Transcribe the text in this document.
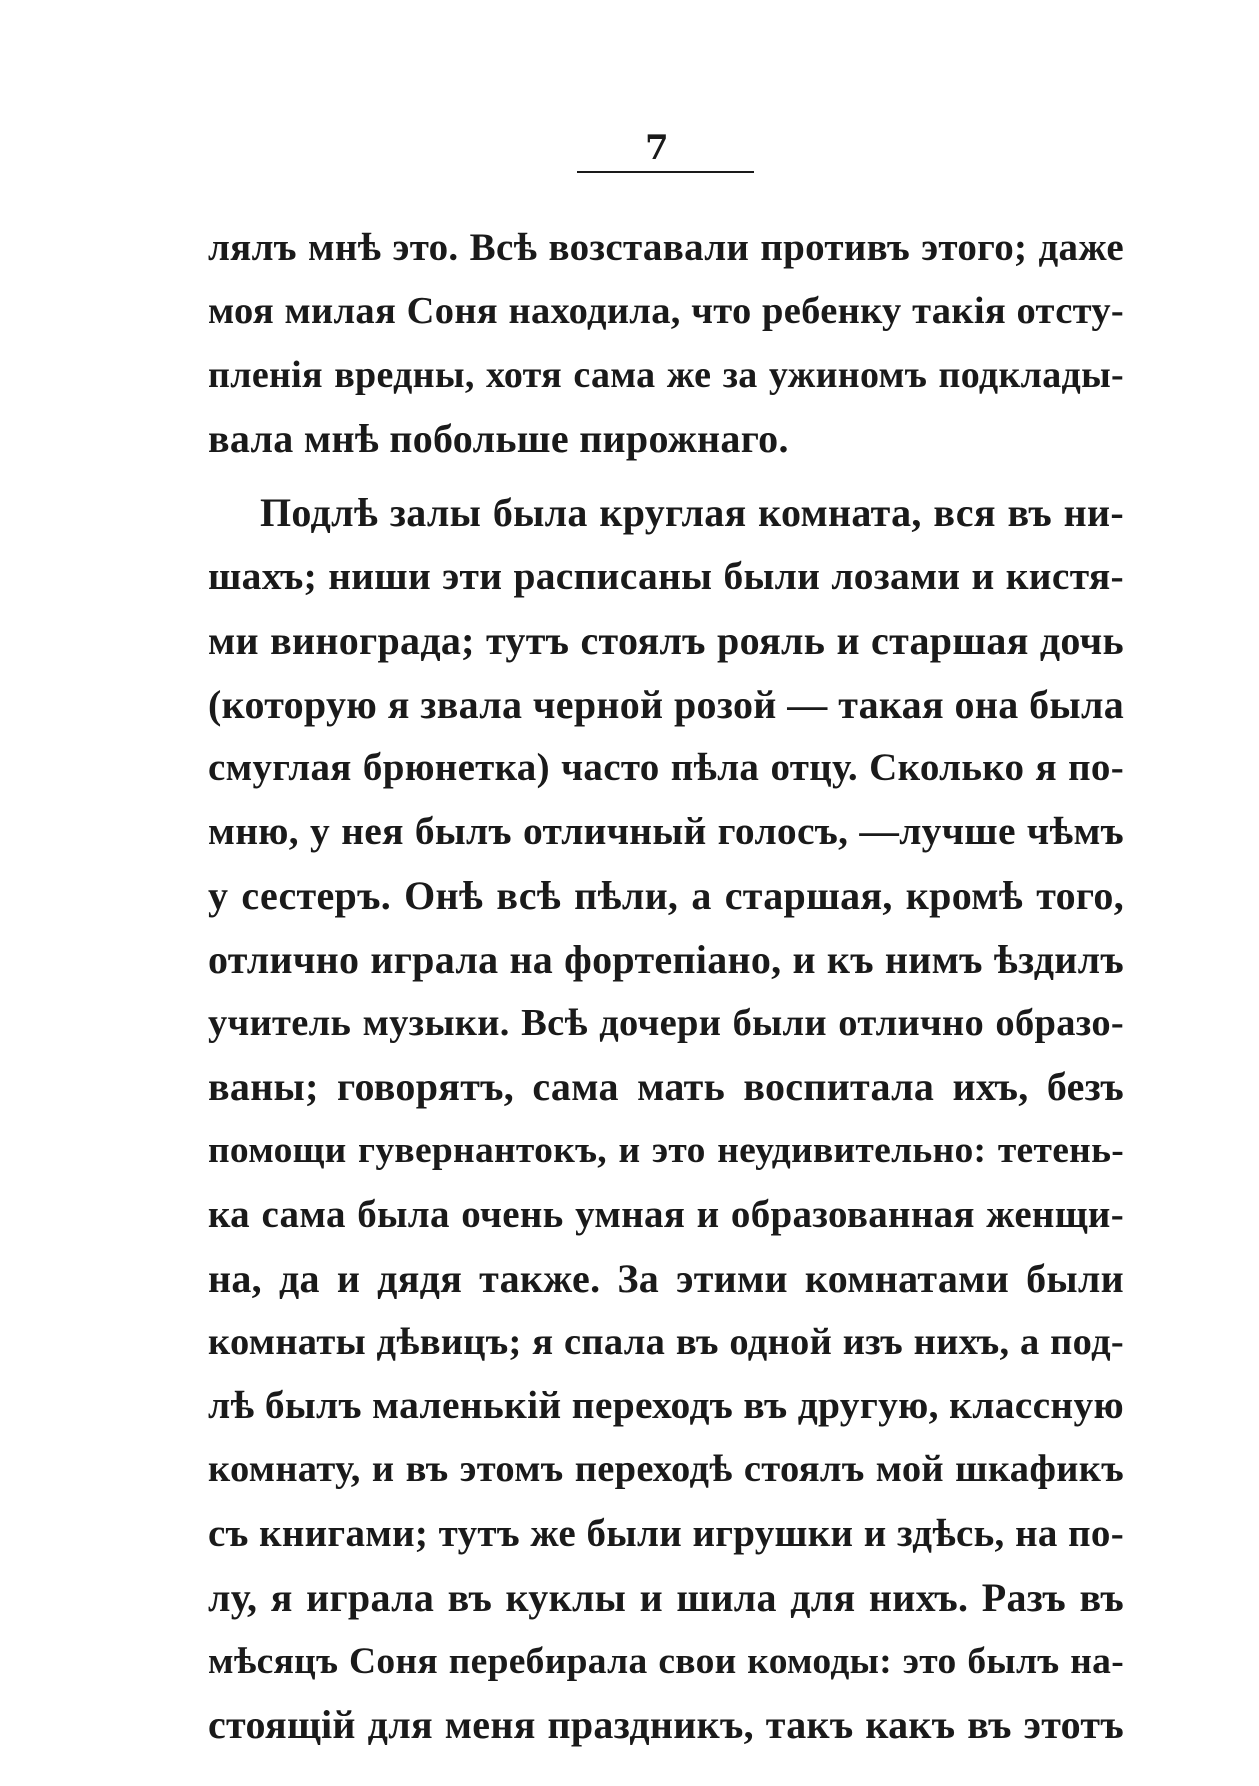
7
лялъ мнѣ это. Всѣ возставали противъ этого; даже
моя милая Соня находила, что ребенку такія отсту-
пленія вредны, хотя сама же за ужиномъ подклады-
вала мнѣ побольше пирожнаго.
Подлѣ залы была круглая комната, вся въ ни-
шахъ; ниши эти расписаны были лозами и кистя-
ми винограда; тутъ стоялъ рояль и старшая дочь
(которую я звала черной розой — такая она была
смуглая брюнетка) часто пѣла отцу. Сколько я по-
мню, у нея былъ отличный голосъ, —лучше чѣмъ
у сестеръ. Онѣ всѣ пѣли, а старшая, кромѣ того,
отлично играла на фортепіано, и къ нимъ ѣздилъ
учитель музыки. Всѣ дочери были отлично образо-
ваны; говорятъ, сама мать воспитала ихъ, безъ
помощи гувернантокъ, и это неудивительно: тетень-
ка сама была очень умная и образованная женщи-
на, да и дядя также. За этими комнатами были
комнаты дѣвицъ; я спала въ одной изъ нихъ, а под-
лѣ былъ маленькій переходъ въ другую, классную
комнату, и въ этомъ переходѣ стоялъ мой шкафикъ
съ книгами; тутъ же были игрушки и здѣсь, на по-
лу, я играла въ куклы и шила для нихъ. Разъ въ
мѣсяцъ Соня перебирала свои комоды: это былъ на-
стоящій для меня праздникъ, такъ какъ въ этотъ
